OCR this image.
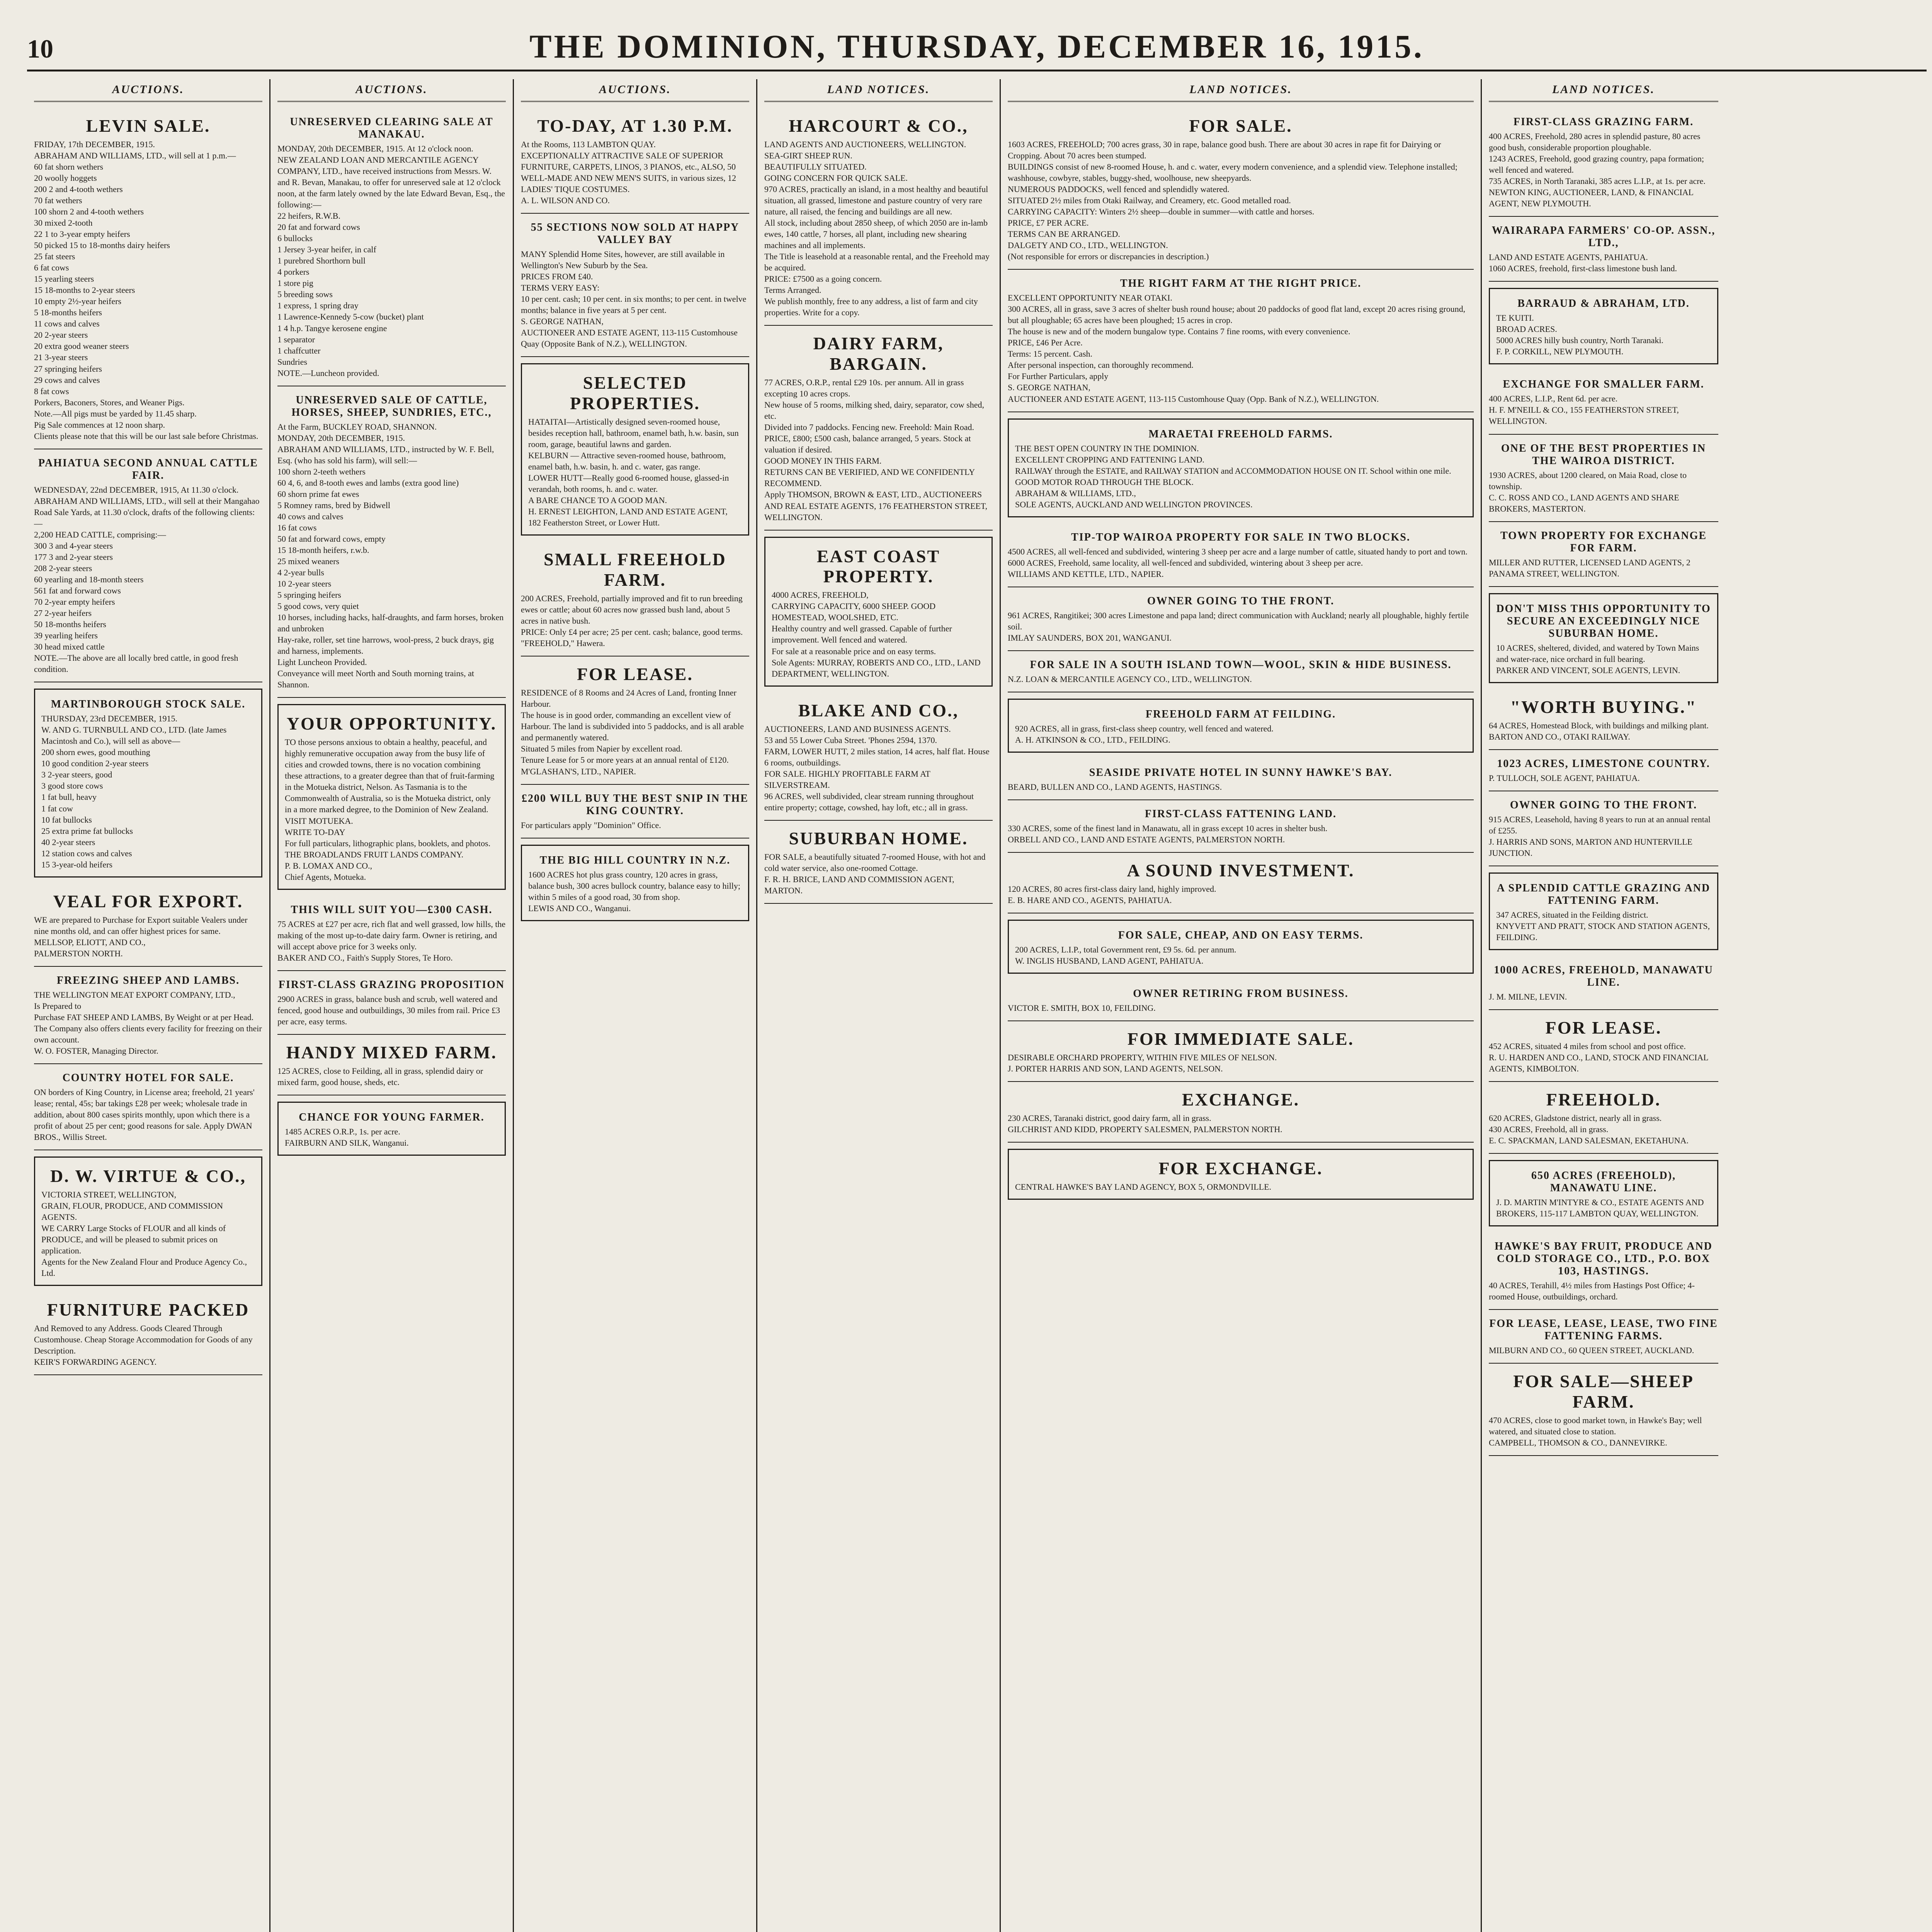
10	THE DOMINION, THURSDAY, DECEMBER 16, 1915.
AUCTIONS.
LEVIN SALE.

FRIDAY, 17th DECEMBER, 1915.

ABRAHAM AND WILLIAMS, LTD., will sell at 1 p.m.—

60 fat shorn wethers

20 woolly hoggets

200 2 and 4-tooth wethers

70 fat wethers

100 shorn 2 and 4-tooth wethers

30 mixed 2-tooth

22 1 to 3-year empty heifers

50 picked 15 to 18-months dairy heifers

25 fat steers

6 fat cows

15 yearling steers

15 18-months to 2-year steers

10 empty 2½-year heifers

5 18-months heifers

11 cows and calves

20 2-year steers

20 extra good weaner steers

21 3-year steers

27 springing heifers

29 cows and calves

8 fat cows

Porkers, Baconers, Stores, and Weaner Pigs.

Note.—All pigs must be yarded by 11.45 sharp.

Pig Sale commences at 12 noon sharp.

Clients please note that this will be our last sale before Christmas.

PAHIATUA SECOND ANNUAL CATTLE FAIR.

WEDNESDAY, 22nd DECEMBER, 1915, At 11.30 o'clock.

ABRAHAM AND WILLIAMS, LTD., will sell at their Mangahao Road Sale Yards, at 11.30 o'clock, drafts of the following clients:—

2,200 HEAD CATTLE, comprising:—

300 3 and 4-year steers

177 3 and 2-year steers

208 2-year steers

60 yearling and 18-month steers

561 fat and forward cows

70 2-year empty heifers

27 2-year heifers

50 18-months heifers

39 yearling heifers

30 head mixed cattle

NOTE.—The above are all locally bred cattle, in good fresh condition.

MARTINBOROUGH STOCK SALE.

THURSDAY, 23rd DECEMBER, 1915.

W. AND G. TURNBULL AND CO., LTD. (late James Macintosh and Co.), will sell as above—

200 shorn ewes, good mouthing

10 good condition 2-year steers

3 2-year steers, good

3 good store cows

1 fat bull, heavy

1 fat cow

10 fat bullocks

25 extra prime fat bullocks

40 2-year steers

12 station cows and calves

15 3-year-old heifers

VEAL FOR EXPORT.

WE are prepared to Purchase for Export suitable Vealers under nine months old, and can offer highest prices for same.

MELLSOP, ELIOTT, AND CO.,

PALMERSTON NORTH.

FREEZING SHEEP AND LAMBS.

THE WELLINGTON MEAT EXPORT COMPANY, LTD.,

Is Prepared to

Purchase FAT SHEEP AND LAMBS, By Weight or at per Head.

The Company also offers clients every facility for freezing on their own account.

W. O. FOSTER, Managing Director.

COUNTRY HOTEL FOR SALE.

ON borders of King Country, in License area; freehold, 21 years' lease; rental, 45s; bar takings £28 per week; wholesale trade in addition, about 800 cases spirits monthly, upon which there is a profit of about 25 per cent; good reasons for sale. Apply DWAN BROS., Willis Street.

D. W. VIRTUE & CO.,

VICTORIA STREET, WELLINGTON,

GRAIN, FLOUR, PRODUCE, AND COMMISSION AGENTS.

WE CARRY Large Stocks of FLOUR and all kinds of PRODUCE, and will be pleased to submit prices on application.

Agents for the New Zealand Flour and Produce Agency Co., Ltd.

FURNITURE PACKED

And Removed to any Address. Goods Cleared Through Customhouse. Cheap Storage Accommodation for Goods of any Description.

KEIR'S FORWARDING AGENCY.

AUCTIONS.
UNRESERVED CLEARING SALE AT MANAKAU.

MONDAY, 20th DECEMBER, 1915. At 12 o'clock noon.

NEW ZEALAND LOAN AND MERCANTILE AGENCY COMPANY, LTD., have received instructions from Messrs. W. and R. Bevan, Manakau, to offer for unreserved sale at 12 o'clock noon, at the farm lately owned by the late Edward Bevan, Esq., the following:—

22 heifers, R.W.B.

20 fat and forward cows

6 bullocks

1 Jersey 3-year heifer, in calf

1 purebred Shorthorn bull

4 porkers

1 store pig

5 breeding sows

1 express, 1 spring dray

1 Lawrence-Kennedy 5-cow (bucket) plant

1 4 h.p. Tangye kerosene engine

1 separator

1 chaffcutter

Sundries

NOTE.—Luncheon provided.

UNRESERVED SALE OF CATTLE, HORSES, SHEEP, SUNDRIES, ETC.,

At the Farm, BUCKLEY ROAD, SHANNON.

MONDAY, 20th DECEMBER, 1915.

ABRAHAM AND WILLIAMS, LTD., instructed by W. F. Bell, Esq. (who has sold his farm), will sell:—

100 shorn 2-teeth wethers

60 4, 6, and 8-tooth ewes and lambs (extra good line)

60 shorn prime fat ewes

5 Romney rams, bred by Bidwell

40 cows and calves

16 fat cows

50 fat and forward cows, empty

15 18-month heifers, r.w.b.

25 mixed weaners

4 2-year bulls

10 2-year steers

5 springing heifers

5 good cows, very quiet

10 horses, including hacks, half-draughts, and farm horses, broken and unbroken

Hay-rake, roller, set tine harrows, wool-press, 2 buck drays, gig and harness, implements.

Light Luncheon Provided.

Conveyance will meet North and South morning trains, at Shannon.

YOUR OPPORTUNITY.

TO those persons anxious to obtain a healthy, peaceful, and highly remunerative occupation away from the busy life of cities and crowded towns, there is no vocation combining these attractions, to a greater degree than that of fruit-farming in the Motueka district, Nelson. As Tasmania is to the Commonwealth of Australia, so is the Motueka district, only in a more marked degree, to the Dominion of New Zealand.

VISIT MOTUEKA.

WRITE TO-DAY

For full particulars, lithographic plans, booklets, and photos.

THE BROADLANDS FRUIT LANDS COMPANY.

P. B. LOMAX AND CO.,

Chief Agents, Motueka.

THIS WILL SUIT YOU—£300 CASH.

75 ACRES at £27 per acre, rich flat and well grassed, low hills, the making of the most up-to-date dairy farm. Owner is retiring, and will accept above price for 3 weeks only.

BAKER AND CO., Faith's Supply Stores, Te Horo.

FIRST-CLASS GRAZING PROPOSITION

2900 ACRES in grass, balance bush and scrub, well watered and fenced, good house and outbuildings, 30 miles from rail. Price £3 per acre, easy terms.

HANDY MIXED FARM.

125 ACRES, close to Feilding, all in grass, splendid dairy or mixed farm, good house, sheds, etc.

CHANCE FOR YOUNG FARMER.

1485 ACRES O.R.P., 1s. per acre.

FAIRBURN AND SILK, Wanganui.

AUCTIONS.
TO-DAY, AT 1.30 P.M.

At the Rooms, 113 LAMBTON QUAY.

EXCEPTIONALLY ATTRACTIVE SALE OF SUPERIOR FURNITURE, CARPETS, LINOS, 3 PIANOS, etc., ALSO, 50 WELL-MADE AND NEW MEN'S SUITS, in various sizes, 12 LADIES' TIQUE COSTUMES.

A. L. WILSON AND CO.

55 SECTIONS NOW SOLD AT HAPPY VALLEY BAY

MANY Splendid Home Sites, however, are still available in Wellington's New Suburb by the Sea.

PRICES FROM £40.

TERMS VERY EASY:

10 per cent. cash; 10 per cent. in six months; to per cent. in twelve months; balance in five years at 5 per cent.

S. GEORGE NATHAN,

AUCTIONEER AND ESTATE AGENT, 113-115 Customhouse Quay (Opposite Bank of N.Z.), WELLINGTON.

SELECTED PROPERTIES.

HATAITAI—Artistically designed seven-roomed house, besides reception hall, bathroom, enamel bath, h.w. basin, sun room, garage, beautiful lawns and garden.

KELBURN — Attractive seven-roomed house, bathroom, enamel bath, h.w. basin, h. and c. water, gas range.

LOWER HUTT—Really good 6-roomed house, glassed-in verandah, both rooms, h. and c. water.

A BARE CHANCE TO A GOOD MAN.

H. ERNEST LEIGHTON, LAND AND ESTATE AGENT, 182 Featherston Street, or Lower Hutt.

SMALL FREEHOLD FARM.

200 ACRES, Freehold, partially improved and fit to run breeding ewes or cattle; about 60 acres now grassed bush land, about 5 acres in native bush.

PRICE: Only £4 per acre; 25 per cent. cash; balance, good terms.

"FREEHOLD," Hawera.

FOR LEASE.

RESIDENCE of 8 Rooms and 24 Acres of Land, fronting Inner Harbour.

The house is in good order, commanding an excellent view of Harbour. The land is subdivided into 5 paddocks, and is all arable and permanently watered.

Situated 5 miles from Napier by excellent road.

Tenure Lease for 5 or more years at an annual rental of £120.

M'GLASHAN'S, LTD., NAPIER.

£200 WILL BUY THE BEST SNIP IN THE KING COUNTRY.

For particulars apply "Dominion" Office.

THE BIG HILL COUNTRY IN N.Z.

1600 ACRES hot plus grass country, 120 acres in grass, balance bush, 300 acres bullock country, balance easy to hilly; within 5 miles of a good road, 30 from shop.

LEWIS AND CO., Wanganui.

LAND NOTICES.
HARCOURT & CO.,

LAND AGENTS AND AUCTIONEERS, WELLINGTON.

SEA-GIRT SHEEP RUN.

BEAUTIFULLY SITUATED.

GOING CONCERN FOR QUICK SALE.

970 ACRES, practically an island, in a most healthy and beautiful situation, all grassed, limestone and pasture country of very rare nature, all raised, the fencing and buildings are all new.

All stock, including about 2850 sheep, of which 2050 are in-lamb ewes, 140 cattle, 7 horses, all plant, including new shearing machines and all implements.

The Title is leasehold at a reasonable rental, and the Freehold may be acquired.

PRICE: £7500 as a going concern.

Terms Arranged.

We publish monthly, free to any address, a list of farm and city properties. Write for a copy.

DAIRY FARM, BARGAIN.

77 ACRES, O.R.P., rental £29 10s. per annum. All in grass excepting 10 acres crops.

New house of 5 rooms, milking shed, dairy, separator, cow shed, etc.

Divided into 7 paddocks. Fencing new. Freehold: Main Road.

PRICE, £800; £500 cash, balance arranged, 5 years. Stock at valuation if desired.

GOOD MONEY IN THIS FARM.

RETURNS CAN BE VERIFIED, AND WE CONFIDENTLY RECOMMEND.

Apply THOMSON, BROWN & EAST, LTD., AUCTIONEERS AND REAL ESTATE AGENTS, 176 FEATHERSTON STREET, WELLINGTON.

EAST COAST PROPERTY.

4000 ACRES, FREEHOLD,

CARRYING CAPACITY, 6000 SHEEP. GOOD HOMESTEAD, WOOLSHED, ETC.

Healthy country and well grassed. Capable of further improvement. Well fenced and watered.

For sale at a reasonable price and on easy terms.

Sole Agents: MURRAY, ROBERTS AND CO., LTD., LAND DEPARTMENT, WELLINGTON.

BLAKE AND CO.,

AUCTIONEERS, LAND AND BUSINESS AGENTS.

53 and 55 Lower Cuba Street. 'Phones 2594, 1370.

FARM, LOWER HUTT, 2 miles station, 14 acres, half flat. House 6 rooms, outbuildings.

FOR SALE. HIGHLY PROFITABLE FARM AT SILVERSTREAM.

96 ACRES, well subdivided, clear stream running throughout entire property; cottage, cowshed, hay loft, etc.; all in grass.

SUBURBAN HOME.

FOR SALE, a beautifully situated 7-roomed House, with hot and cold water service, also one-roomed Cottage.

F. R. H. BRICE, LAND AND COMMISSION AGENT, MARTON.

LAND NOTICES.
FOR SALE.

1603 ACRES, FREEHOLD; 700 acres grass, 30 in rape, balance good bush. There are about 30 acres in rape fit for Dairying or Cropping. About 70 acres been stumped.

BUILDINGS consist of new 8-roomed House, h. and c. water, every modern convenience, and a splendid view. Telephone installed; washhouse, cowbyre, stables, buggy-shed, woolhouse, new sheepyards.

NUMEROUS PADDOCKS, well fenced and splendidly watered.

SITUATED 2½ miles from Otaki Railway, and Creamery, etc. Good metalled road.

CARRYING CAPACITY: Winters 2½ sheep—double in summer—with cattle and horses.

PRICE, £7 PER ACRE.

TERMS CAN BE ARRANGED.

DALGETY AND CO., LTD., WELLINGTON.

(Not responsible for errors or discrepancies in description.)

THE RIGHT FARM AT THE RIGHT PRICE.

EXCELLENT OPPORTUNITY NEAR OTAKI.

300 ACRES, all in grass, save 3 acres of shelter bush round house; about 20 paddocks of good flat land, except 20 acres rising ground, but all ploughable; 65 acres have been ploughed; 15 acres in crop.

The house is new and of the modern bungalow type. Contains 7 fine rooms, with every convenience.

PRICE, £46 Per Acre.

Terms: 15 percent. Cash.

After personal inspection, can thoroughly recommend.

For Further Particulars, apply

S. GEORGE NATHAN,

AUCTIONEER AND ESTATE AGENT, 113-115 Customhouse Quay (Opp. Bank of N.Z.), WELLINGTON.

MARAETAI FREEHOLD FARMS.

THE BEST OPEN COUNTRY IN THE DOMINION.

EXCELLENT CROPPING AND FATTENING LAND.

RAILWAY through the ESTATE, and RAILWAY STATION and ACCOMMODATION HOUSE ON IT. School within one mile. GOOD MOTOR ROAD THROUGH THE BLOCK.

ABRAHAM & WILLIAMS, LTD.,

SOLE AGENTS, AUCKLAND AND WELLINGTON PROVINCES.

TIP-TOP WAIROA PROPERTY FOR SALE IN TWO BLOCKS.

4500 ACRES, all well-fenced and subdivided, wintering 3 sheep per acre and a large number of cattle, situated handy to port and town.

6000 ACRES, Freehold, same locality, all well-fenced and subdivided, wintering about 3 sheep per acre.

WILLIAMS AND KETTLE, LTD., NAPIER.

OWNER GOING TO THE FRONT.

961 ACRES, Rangitikei; 300 acres Limestone and papa land; direct communication with Auckland; nearly all ploughable, highly fertile soil.

IMLAY SAUNDERS, BOX 201, WANGANUI.

FOR SALE IN A SOUTH ISLAND TOWN—WOOL, SKIN & HIDE BUSINESS.

N.Z. LOAN & MERCANTILE AGENCY CO., LTD., WELLINGTON.

FREEHOLD FARM AT FEILDING.

920 ACRES, all in grass, first-class sheep country, well fenced and watered.

A. H. ATKINSON & CO., LTD., FEILDING.

SEASIDE PRIVATE HOTEL IN SUNNY HAWKE'S BAY.

BEARD, BULLEN AND CO., LAND AGENTS, HASTINGS.

FIRST-CLASS FATTENING LAND.

330 ACRES, some of the finest land in Manawatu, all in grass except 10 acres in shelter bush.

ORBELL AND CO., LAND AND ESTATE AGENTS, PALMERSTON NORTH.

A SOUND INVESTMENT.

120 ACRES, 80 acres first-class dairy land, highly improved.

E. B. HARE AND CO., AGENTS, PAHIATUA.

FOR SALE, CHEAP, AND ON EASY TERMS.

200 ACRES, L.I.P., total Government rent, £9 5s. 6d. per annum.

W. INGLIS HUSBAND, LAND AGENT, PAHIATUA.

OWNER RETIRING FROM BUSINESS.

VICTOR E. SMITH, BOX 10, FEILDING.

FOR IMMEDIATE SALE.

DESIRABLE ORCHARD PROPERTY, WITHIN FIVE MILES OF NELSON.

J. PORTER HARRIS AND SON, LAND AGENTS, NELSON.

EXCHANGE.

230 ACRES, Taranaki district, good dairy farm, all in grass.

GILCHRIST AND KIDD, PROPERTY SALESMEN, PALMERSTON NORTH.

FOR EXCHANGE.

CENTRAL HAWKE'S BAY LAND AGENCY, BOX 5, ORMONDVILLE.

LAND NOTICES.
FIRST-CLASS GRAZING FARM.

400 ACRES, Freehold, 280 acres in splendid pasture, 80 acres good bush, considerable proportion ploughable.

1243 ACRES, Freehold, good grazing country, papa formation; well fenced and watered.

735 ACRES, in North Taranaki, 385 acres L.I.P., at 1s. per acre.

NEWTON KING, AUCTIONEER, LAND, & FINANCIAL AGENT, NEW PLYMOUTH.

WAIRARAPA FARMERS' CO-OP. ASSN., LTD.,

LAND AND ESTATE AGENTS, PAHIATUA.

1060 ACRES, freehold, first-class limestone bush land.

BARRAUD & ABRAHAM, LTD.

TE KUITI.

BROAD ACRES.

5000 ACRES hilly bush country, North Taranaki.

F. P. CORKILL, NEW PLYMOUTH.

EXCHANGE FOR SMALLER FARM.

400 ACRES, L.I.P., Rent 6d. per acre.

H. F. M'NEILL & CO., 155 FEATHERSTON STREET, WELLINGTON.

ONE OF THE BEST PROPERTIES IN THE WAIROA DISTRICT.

1930 ACRES, about 1200 cleared, on Maia Road, close to township.

C. C. ROSS AND CO., LAND AGENTS AND SHARE BROKERS, MASTERTON.

TOWN PROPERTY FOR EXCHANGE FOR FARM.

MILLER AND RUTTER, LICENSED LAND AGENTS, 2 PANAMA STREET, WELLINGTON.

DON'T MISS THIS OPPORTUNITY TO SECURE AN EXCEEDINGLY NICE SUBURBAN HOME.

10 ACRES, sheltered, divided, and watered by Town Mains and water-race, nice orchard in full bearing.

PARKER AND VINCENT, SOLE AGENTS, LEVIN.

"WORTH BUYING."

64 ACRES, Homestead Block, with buildings and milking plant.

BARTON AND CO., OTAKI RAILWAY.

1023 ACRES, LIMESTONE COUNTRY.

P. TULLOCH, SOLE AGENT, PAHIATUA.

OWNER GOING TO THE FRONT.

915 ACRES, Leasehold, having 8 years to run at an annual rental of £255.

J. HARRIS AND SONS, MARTON AND HUNTERVILLE JUNCTION.

A SPLENDID CATTLE GRAZING AND FATTENING FARM.

347 ACRES, situated in the Feilding district.

KNYVETT AND PRATT, STOCK AND STATION AGENTS, FEILDING.

1000 ACRES, FREEHOLD, MANAWATU LINE.

J. M. MILNE, LEVIN.

FOR LEASE.

452 ACRES, situated 4 miles from school and post office.

R. U. HARDEN AND CO., LAND, STOCK AND FINANCIAL AGENTS, KIMBOLTON.

FREEHOLD.

620 ACRES, Gladstone district, nearly all in grass.

430 ACRES, Freehold, all in grass.

E. C. SPACKMAN, LAND SALESMAN, EKETAHUNA.

650 ACRES (FREEHOLD), MANAWATU LINE.

J. D. MARTIN M'INTYRE & CO., ESTATE AGENTS AND BROKERS, 115-117 LAMBTON QUAY, WELLINGTON.

HAWKE'S BAY FRUIT, PRODUCE AND COLD STORAGE CO., LTD., P.O. BOX 103, HASTINGS.

40 ACRES, Terahill, 4½ miles from Hastings Post Office; 4-roomed House, outbuildings, orchard.

FOR LEASE, LEASE, LEASE, TWO FINE FATTENING FARMS.

MILBURN AND CO., 60 QUEEN STREET, AUCKLAND.

FOR SALE—SHEEP FARM.

470 ACRES, close to good market town, in Hawke's Bay; well watered, and situated close to station.

CAMPBELL, THOMSON & CO., DANNEVIRKE.
